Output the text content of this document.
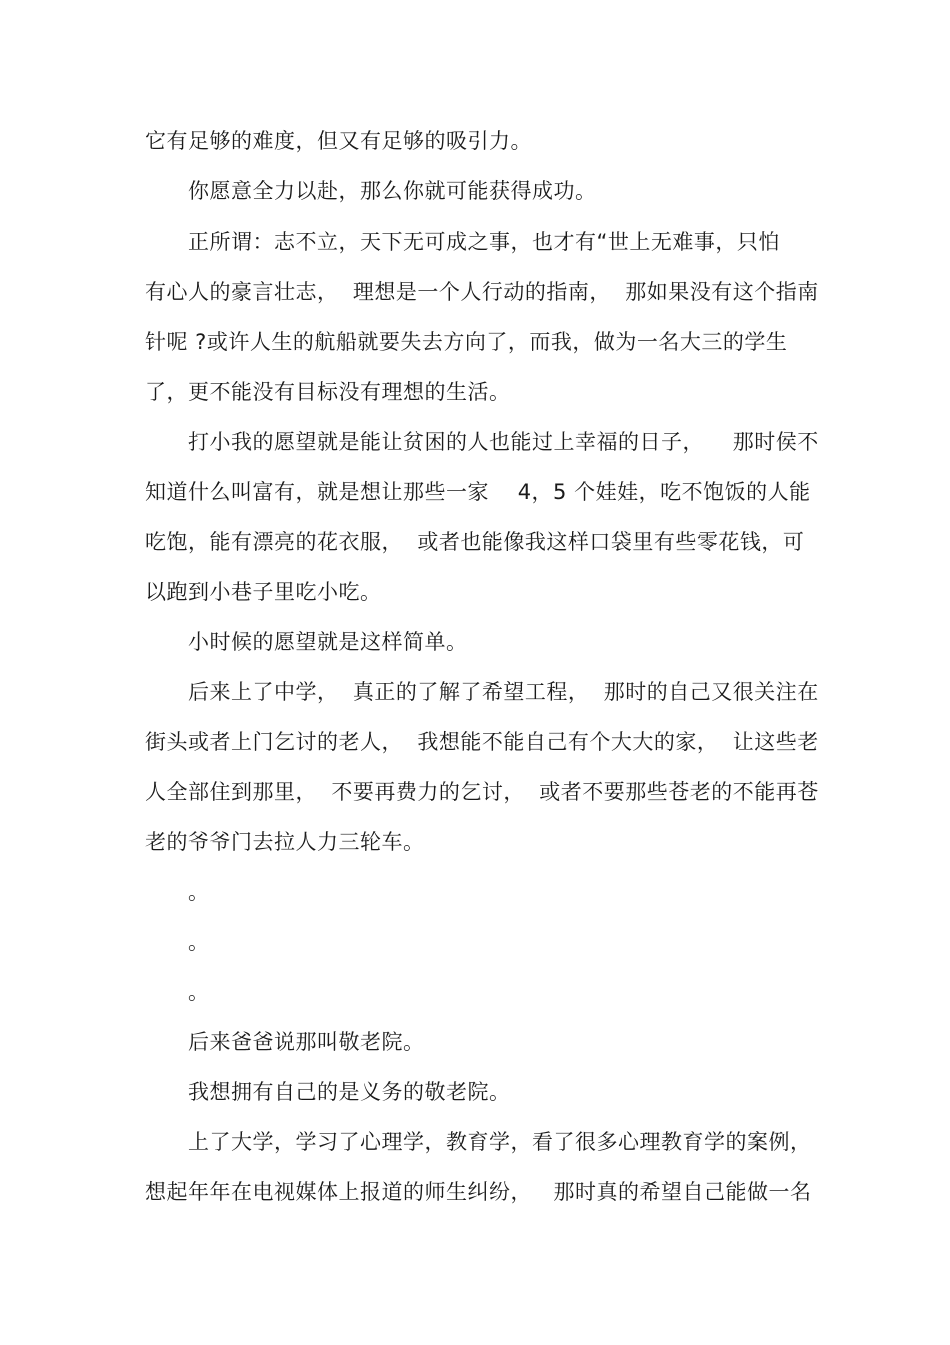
它有足够的难度，但又有足够的吸引力。
你愿意全力以赴，那么你就可能获得成功。
正所谓：志不立，天下无可成之事，也才有“世上无难事，只怕
有心人的豪言壮志，  理想是一个人行动的指南，  那如果没有这个指南
针呢 ?或许人生的航船就要失去方向了，而我，做为一名大三的学生
了，更不能没有目标没有理想的生活。
打小我的愿望就是能让贫困的人也能过上幸福的日子，    那时侯不
知道什么叫富有，就是想让那些一家    4，5 个娃娃，吃不饱饭的人能
吃饱，能有漂亮的花衣服，  或者也能像我这样口袋里有些零花钱，可
以跑到小巷子里吃小吃。
小时候的愿望就是这样简单。
后来上了中学，  真正的了解了希望工程，  那时的自己又很关注在
街头或者上门乞讨的老人，  我想能不能自己有个大大的家，  让这些老
人全部住到那里，  不要再费力的乞讨，  或者不要那些苍老的不能再苍
老的爷爷门去拉人力三轮车。
。
。
。
后来爸爸说那叫敬老院。
我想拥有自己的是义务的敬老院。
上了大学，学习了心理学，教育学，看了很多心理教育学的案例，
想起年年在电视媒体上报道的师生纠纷，   那时真的希望自己能做一名
